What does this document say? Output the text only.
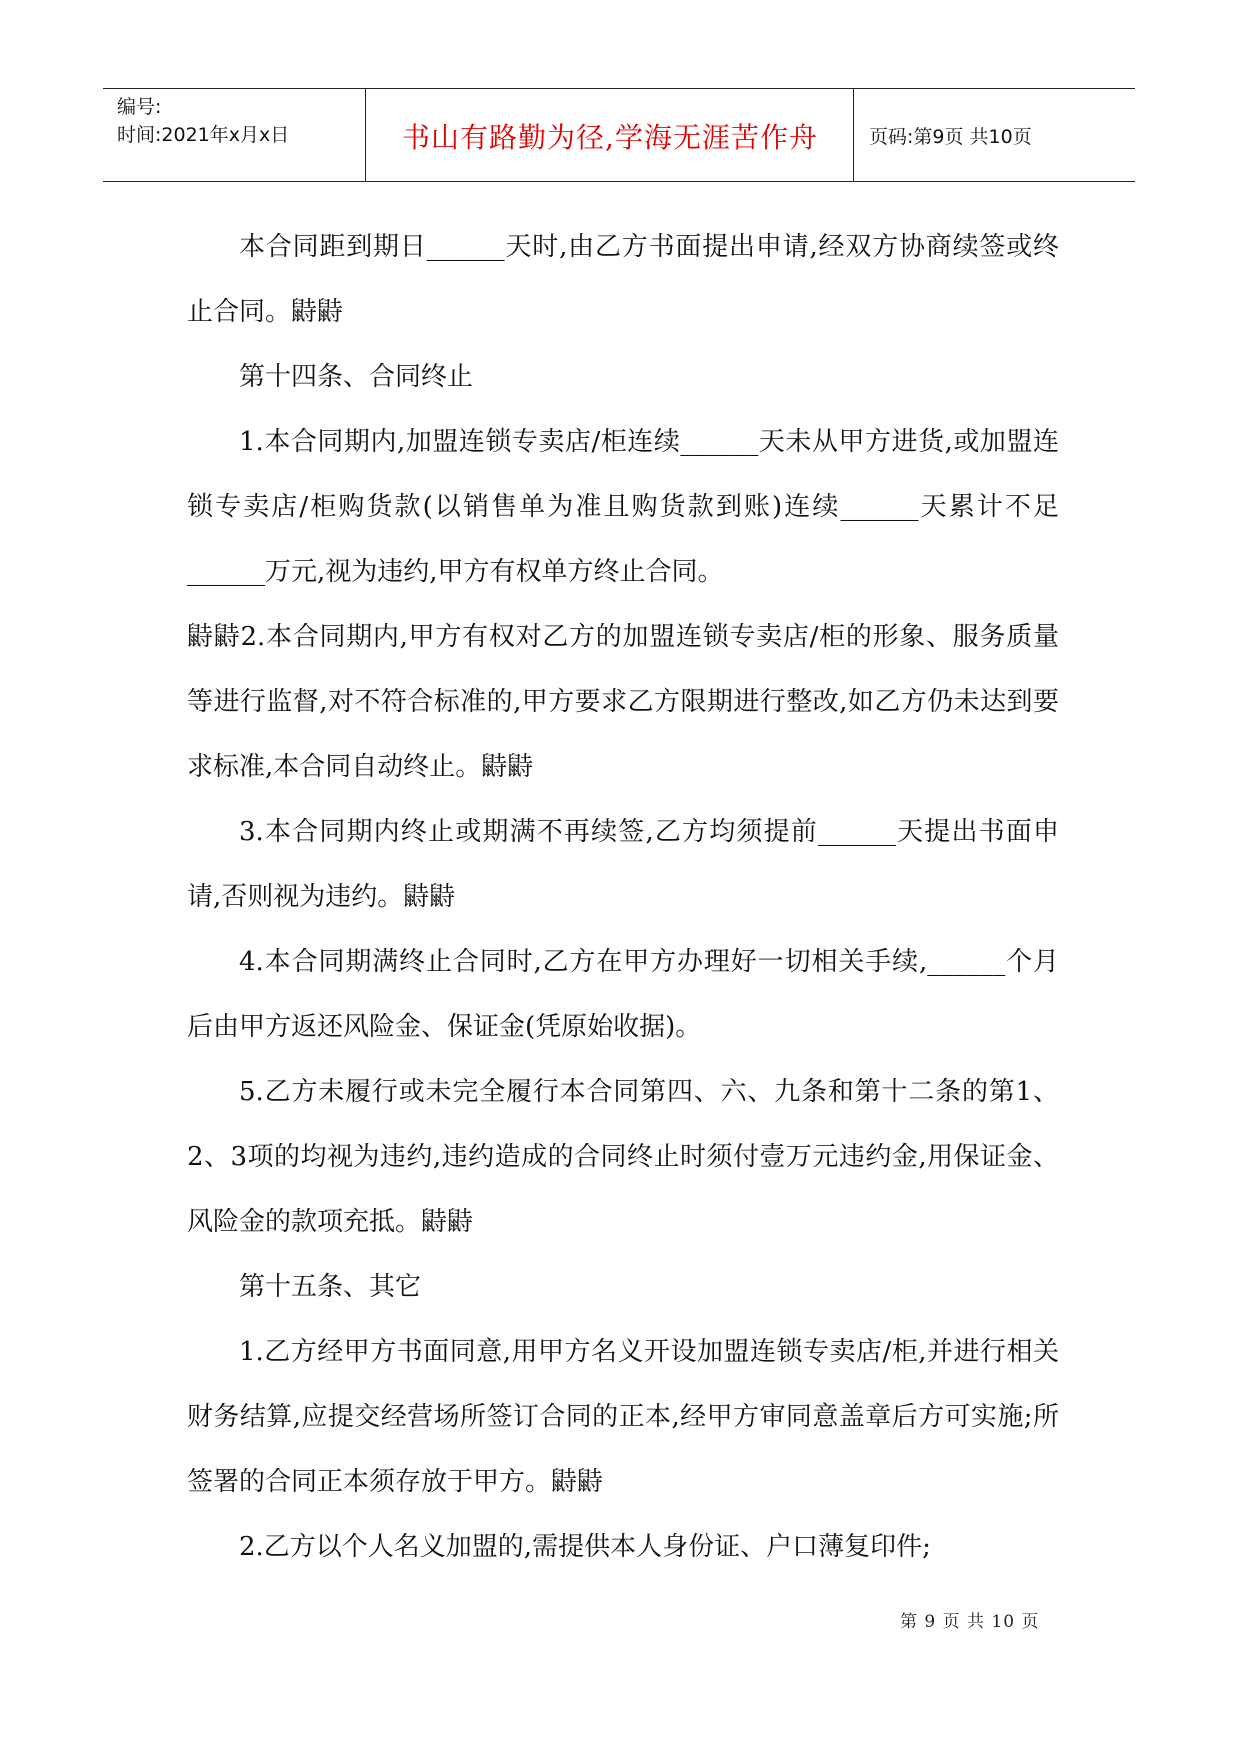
编号:
时间:2021年x月x日	书山有路勤为径,学海无涯苦作舟	页码:第9页 共10页

本合同距到期日______天时,由乙方书面提出申请,经双方协商续签或终止合同。鼭鼭

第十四条、合同终止

1.本合同期内,加盟连锁专卖店/柜连续______天未从甲方进货,或加盟连锁专卖店/柜购货款(以销售单为准且购货款到账)连续______天累计不足______万元,视为违约,甲方有权单方终止合同。

鼭鼭2.本合同期内,甲方有权对乙方的加盟连锁专卖店/柜的形象、服务质量等进行监督,对不符合标准的,甲方要求乙方限期进行整改,如乙方仍未达到要求标准,本合同自动终止。鼭鼭

3.本合同期内终止或期满不再续签,乙方均须提前______天提出书面申请,否则视为违约。鼭鼭

4.本合同期满终止合同时,乙方在甲方办理好一切相关手续,______个月后由甲方返还风险金、保证金(凭原始收据)。

5.乙方未履行或未完全履行本合同第四、六、九条和第十二条的第1、2、3项的均视为违约,违约造成的合同终止时须付壹万元违约金,用保证金、风险金的款项充抵。鼭鼭

第十五条、其它

1.乙方经甲方书面同意,用甲方名义开设加盟连锁专卖店/柜,并进行相关财务结算,应提交经营场所签订合同的正本,经甲方审同意盖章后方可实施;所签署的合同正本须存放于甲方。鼭鼭

2.乙方以个人名义加盟的,需提供本人身份证、户口薄复印件;

第 9 页 共 10 页
